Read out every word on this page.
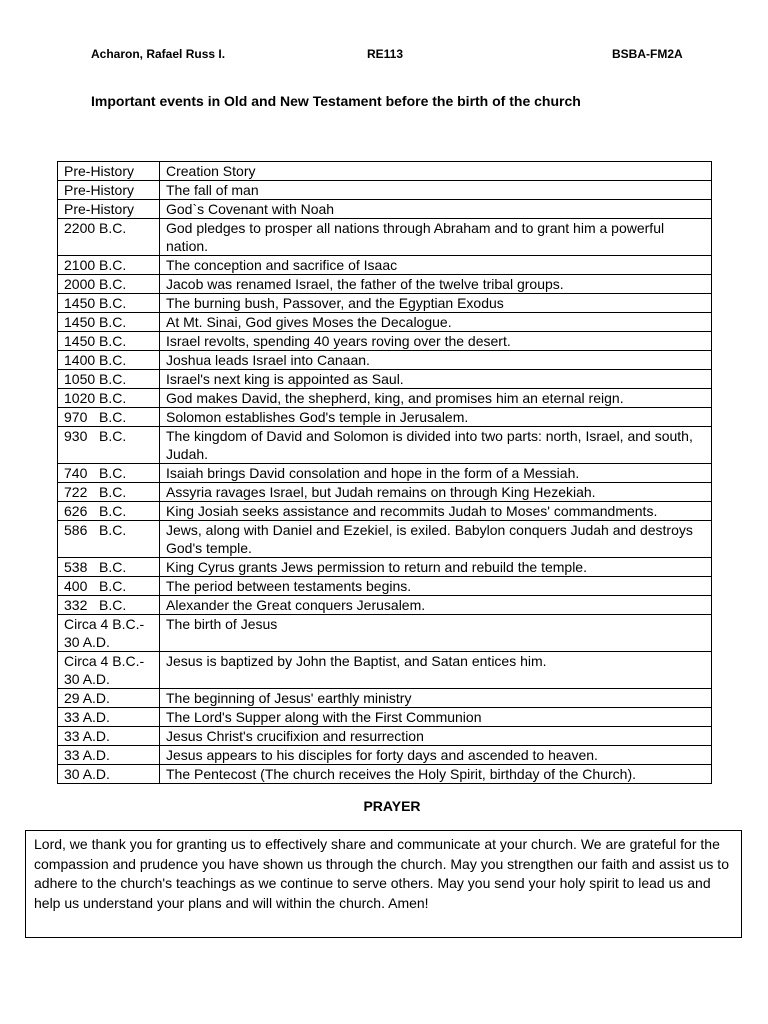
Acharon, Rafael Russ I.	RE113	BSBA-FM2A
Important events in Old and New Testament before the birth of the church
Pre-History	Creation Story
Pre-History	The fall of man
Pre-History	God`s Covenant with Noah
2200 B.C.	God pledges to prosper all nations through Abraham and to grant him a powerful nation.
2100 B.C.	The conception and sacrifice of Isaac
2000 B.C.	Jacob was renamed Israel, the father of the twelve tribal groups.
1450 B.C.	The burning bush, Passover, and the Egyptian Exodus
1450 B.C.	At Mt. Sinai, God gives Moses the Decalogue.
1450 B.C.	Israel revolts, spending 40 years roving over the desert.
1400 B.C.	Joshua leads Israel into Canaan.
1050 B.C.	Israel's next king is appointed as Saul.
1020 B.C.	God makes David, the shepherd, king, and promises him an eternal reign.
970   B.C.	Solomon establishes God's temple in Jerusalem.
930   B.C.	The kingdom of David and Solomon is divided into two parts: north, Israel, and south, Judah.
740   B.C.	Isaiah brings David consolation and hope in the form of a Messiah.
722   B.C.	Assyria ravages Israel, but Judah remains on through King Hezekiah.
626   B.C.	King Josiah seeks assistance and recommits Judah to Moses' commandments.
586   B.C.	Jews, along with Daniel and Ezekiel, is exiled. Babylon conquers Judah and destroys God's temple.
538   B.C.	King Cyrus grants Jews permission to return and rebuild the temple.
400   B.C.	The period between testaments begins.
332   B.C.	Alexander the Great conquers Jerusalem.
Circa 4 B.C.- 30 A.D.	The birth of Jesus
Circa 4 B.C.- 30 A.D.	Jesus is baptized by John the Baptist, and Satan entices him.
29 A.D.	The beginning of Jesus' earthly ministry
33 A.D.	The Lord's Supper along with the First Communion
33 A.D.	Jesus Christ's crucifixion and resurrection
33 A.D.	Jesus appears to his disciples for forty days and ascended to heaven.
30 A.D.	The Pentecost (The church receives the Holy Spirit, birthday of the Church).
PRAYER
Lord, we thank you for granting us to effectively share and communicate at your church. We are grateful for the compassion and prudence you have shown us through the church. May you strengthen our faith and assist us to adhere to the church's teachings as we continue to serve others. May you send your holy spirit to lead us and help us understand your plans and will within the church. Amen!
